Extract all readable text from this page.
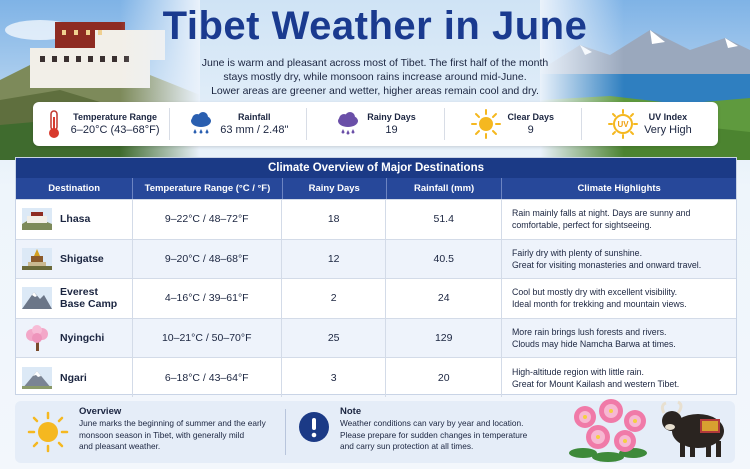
Tibet Weather in June
June is warm and pleasant across most of Tibet. The first half of the month
stays mostly dry, while monsoon rains increase around mid-June.
Lower areas are greener and wetter, higher areas remain cool and dry.
Temperature Range
6–20°C (43–68°F)
Rainfall
63 mm / 2.48"
Rainy Days
19
Clear Days
9	UV
UV Index
Very High
Climate Overview of Major Destinations
Destination	Temperature Range (°C / °F)	Rainy Days	Rainfall (mm)	Climate Highlights
Lhasa	9–22°C / 48–72°F	18	51.4	Rain mainly falls at night. Days are sunny and
comfortable, perfect for sightseeing.
Shigatse	9–20°C / 48–68°F	12	40.5	Fairly dry with plenty of sunshine.
Great for visiting monasteries and onward travel.
Everest
Base Camp	4–16°C / 39–61°F	2	24	Cool but mostly dry with excellent visibility.
Ideal month for trekking and mountain views.
Nyingchi	10–21°C / 50–70°F	25	129	More rain brings lush forests and rivers.
Clouds may hide Namcha Barwa at times.
Ngari	6–18°C / 43–64°F	3	20	High-altitude region with little rain.
Great for Mount Kailash and western Tibet.
Overview
June marks the beginning of summer and the early
monsoon season in Tibet, with generally mild
and pleasant weather.
Note
Weather conditions can vary by year and location.
Please prepare for sudden changes in temperature
and carry sun protection at all times.
